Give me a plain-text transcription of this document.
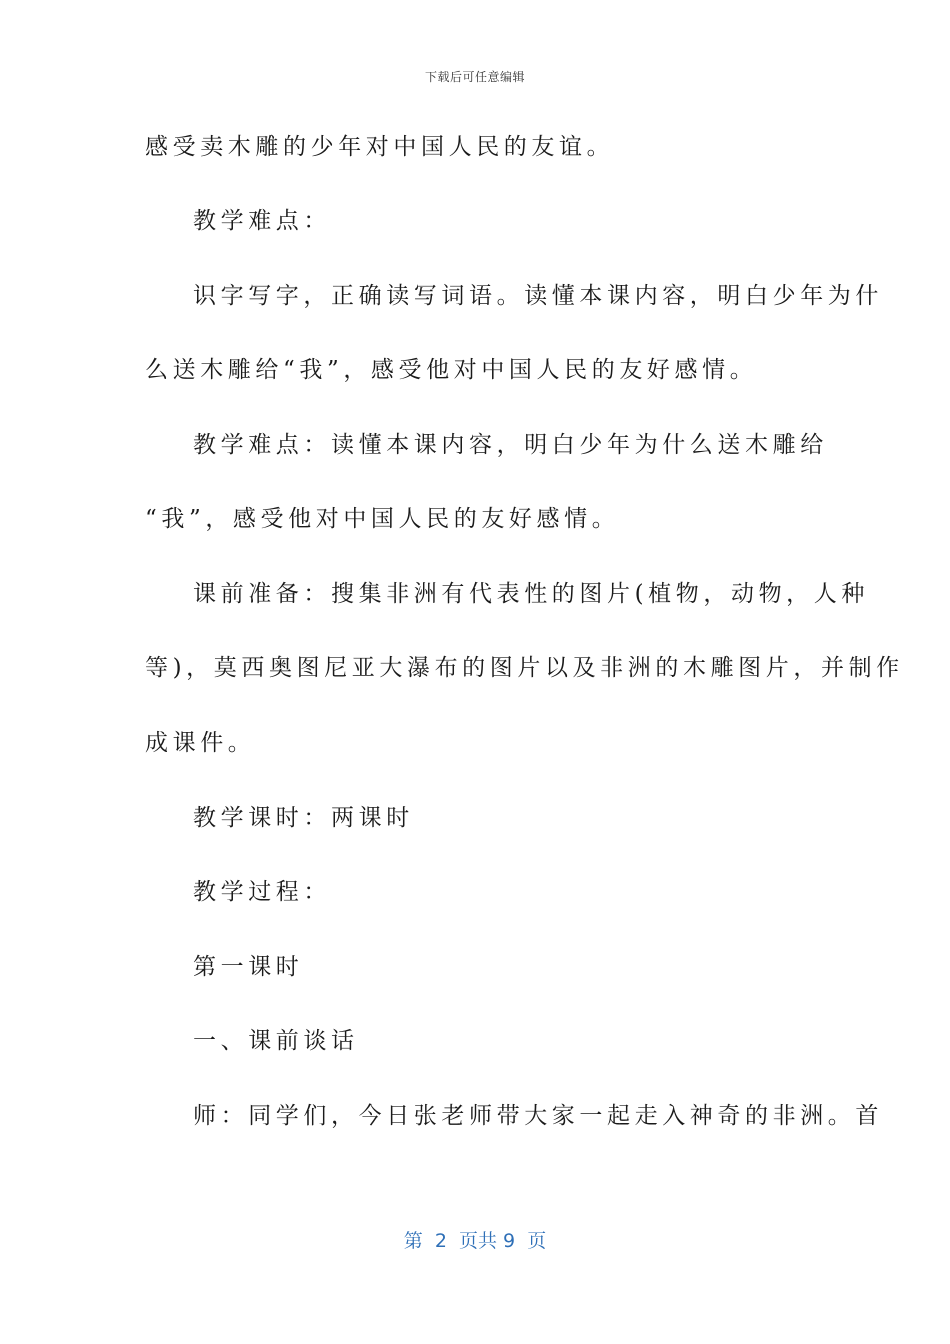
下载后可任意编辑
感受卖木雕的少年对中国人民的友谊。
教学难点：
识字写字，正确读写词语。读懂本课内容，明白少年为什
么送木雕给“我”，感受他对中国人民的友好感情。
教学难点：读懂本课内容，明白少年为什么送木雕给
“我”，感受他对中国人民的友好感情。
课前准备：搜集非洲有代表性的图片(植物，动物，人种
等)，莫西奥图尼亚大瀑布的图片以及非洲的木雕图片，并制作
成课件。
教学课时：两课时
教学过程：
第一课时
一、课前谈话
师：同学们，今日张老师带大家一起走入神奇的非洲。首
第  2  页共 9  页
